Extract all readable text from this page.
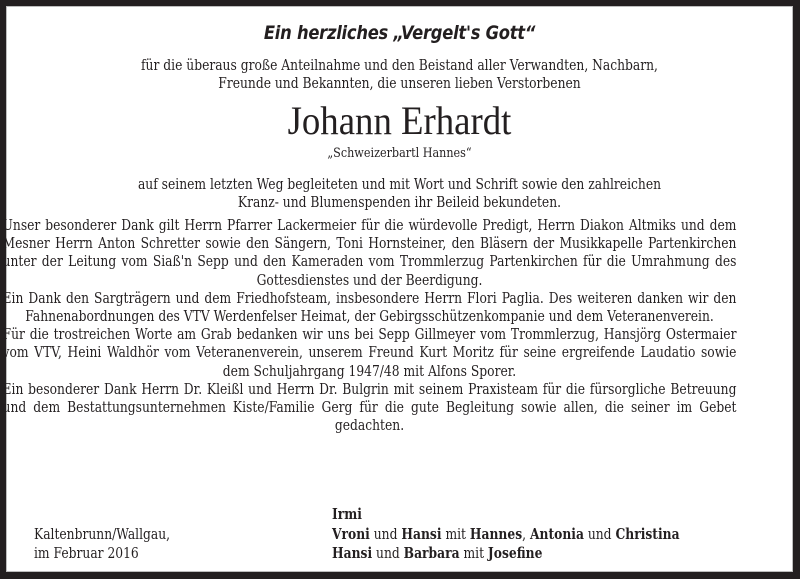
Ein herzliches „Vergelt's Gott“
für die überaus große Anteilnahme und den Beistand aller Verwandten, Nachbarn,
Freunde und Bekannten, die unseren lieben Verstorbenen
Johann Erhardt
„Schweizerbartl Hannes“
auf seinem letzten Weg begleiteten und mit Wort und Schrift sowie den zahlreichen
Kranz- und Blumenspenden ihr Beileid bekundeten.

Unser besonderer Dank gilt Herrn Pfarrer Lackermeier für die würdevolle Predigt, Herrn Diakon Altmiks und dem Mesner Herrn Anton Schretter sowie den Sängern, Toni Hornsteiner, den Bläsern der Musikkapelle Partenkirchen unter der Leitung vom Siaß'n Sepp und den Kameraden vom Trommlerzug Partenkirchen für die Umrahmung des Gottesdienstes und der Beerdigung.

Ein Dank den Sargträgern und dem Friedhofsteam, insbesondere Herrn Flori Paglia. Des weiteren danken wir den Fahnenabordnungen des VTV Werdenfelser Heimat, der Gebirgsschützenkompanie und dem Veteranenverein.

Für die trostreichen Worte am Grab bedanken wir uns bei Sepp Gillmeyer vom Trommlerzug, Hansjörg Ostermaier vom VTV, Heini Waldhör vom Veteranenverein, unserem Freund Kurt Moritz für seine ergreifende Laudatio sowie dem Schuljahrgang 1947/48 mit Alfons Sporer.

Ein besonderer Dank Herrn Dr. Kleißl und Herrn Dr. Bulgrin mit seinem Praxisteam für die fürsorgliche Betreuung und dem Bestattungsunternehmen Kiste/Familie Gerg für die gute Begleitung sowie allen, die seiner im Gebet gedachten.

Kaltenbrunn/Wallgau,
im Februar 2016
Irmi
Vroni und Hansi mit Hannes, Antonia und Christina
Hansi und Barbara mit Josefine
